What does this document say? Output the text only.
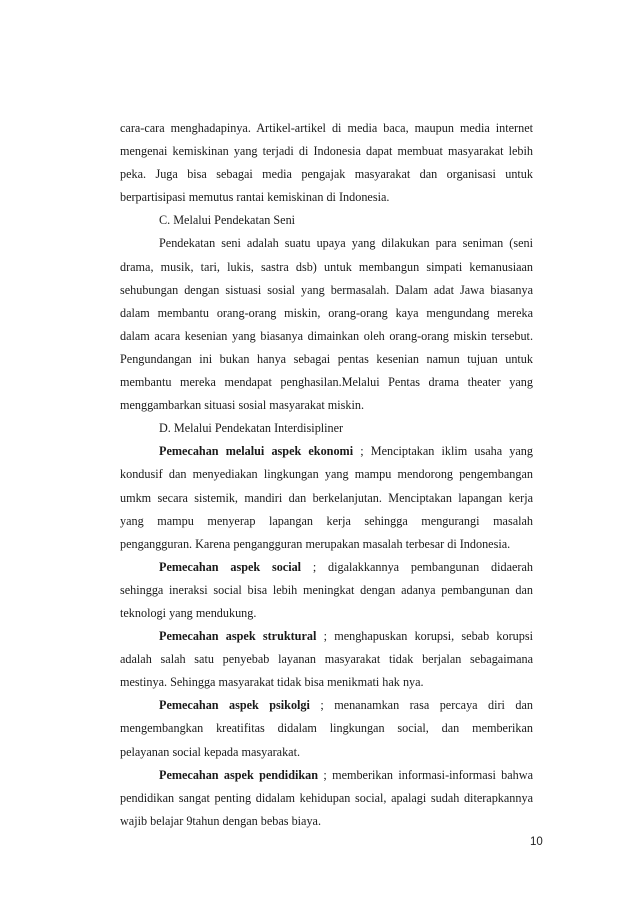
cara-cara menghadapinya. Artikel-artikel di media baca, maupun media internet
mengenai kemiskinan yang terjadi di Indonesia dapat membuat masyarakat lebih
peka. Juga bisa sebagai media pengajak masyarakat dan organisasi untuk
berpartisipasi memutus rantai kemiskinan di Indonesia.
C. Melalui Pendekatan Seni
Pendekatan seni adalah suatu upaya yang dilakukan para seniman (seni
drama, musik, tari, lukis, sastra dsb) untuk membangun simpati kemanusiaan
sehubungan dengan sistuasi sosial yang bermasalah. Dalam adat Jawa biasanya
dalam membantu orang-orang miskin, orang-orang kaya mengundang mereka
dalam acara kesenian yang biasanya dimainkan oleh orang-orang miskin tersebut.
Pengundangan ini bukan hanya sebagai pentas kesenian namun tujuan untuk
membantu mereka mendapat penghasilan.Melalui Pentas drama theater yang
menggambarkan situasi sosial masyarakat miskin.
D. Melalui Pendekatan Interdisipliner
Pemecahan melalui aspek ekonomi ; Menciptakan iklim usaha yang
kondusif dan menyediakan lingkungan yang mampu mendorong pengembangan
umkm secara sistemik, mandiri dan berkelanjutan. Menciptakan lapangan kerja
yang mampu menyerap lapangan kerja sehingga mengurangi masalah
pengangguran. Karena pengangguran merupakan masalah terbesar di Indonesia.
Pemecahan aspek social ; digalakkannya pembangunan didaerah
sehingga ineraksi social bisa lebih meningkat dengan adanya pembangunan dan
teknologi yang mendukung.
Pemecahan aspek struktural ; menghapuskan korupsi, sebab korupsi
adalah salah satu penyebab layanan masyarakat tidak berjalan sebagaimana
mestinya. Sehingga masyarakat tidak bisa menikmati hak nya.
Pemecahan aspek psikolgi ; menanamkan rasa percaya diri dan
mengembangkan kreatifitas didalam lingkungan social, dan memberikan
pelayanan social kepada masyarakat.
Pemecahan aspek pendidikan ; memberikan informasi-informasi bahwa
pendidikan sangat penting didalam kehidupan social, apalagi sudah diterapkannya
wajib belajar 9tahun dengan bebas biaya.
10
